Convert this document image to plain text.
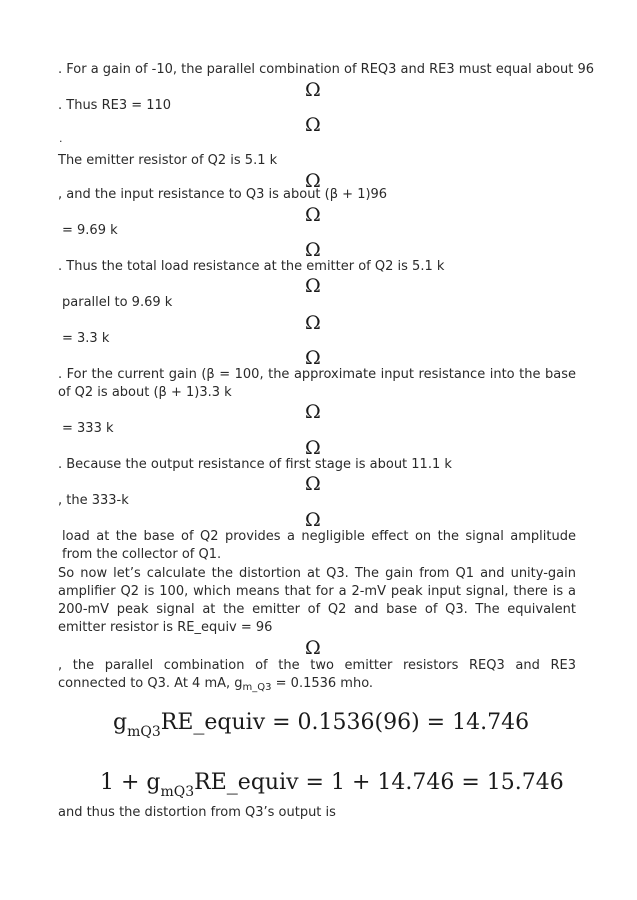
. For a gain of -10, the parallel combination of REQ3 and RE3 must equal about 96
Ω
. Thus RE3 = 110
Ω
.
The emitter resistor of Q2 is 5.1 k
Ω
, and the input resistance to Q3 is about (β + 1)96
Ω
= 9.69 k
Ω
. Thus the total load resistance at the emitter of Q2 is 5.1 k
Ω
parallel to 9.69 k
Ω
= 3.3 k
Ω
. For the current gain (β = 100, the approximate input resistance into the base of Q2 is about (β + 1)3.3 k
Ω
= 333 k
Ω
. Because the output resistance of first stage is about 11.1 k
Ω
, the 333-k
Ω
load at the base of Q2 provides a negligible effect on the signal amplitude from the collector of Q1.
So now let’s calculate the distortion at Q3. The gain from Q1 and unity-gain amplifier Q2 is 100, which means that for a 2-mV peak input signal, there is a 200-mV peak signal at the emitter of Q2 and base of Q3. The equivalent emitter resistor is RE_equiv = 96
Ω
, the parallel combination of the two emitter resistors REQ3 and RE3 connected to Q3. At 4 mA, $g_{m\_Q3} = 0.1536$ mho.
$g_{mQ3}RE\_equiv = 0.1536(96) = 14.746$
$1 + g_{mQ3}RE\_equiv = 1 + 14.746 = 15.746$
and thus the distortion from Q3’s output is
